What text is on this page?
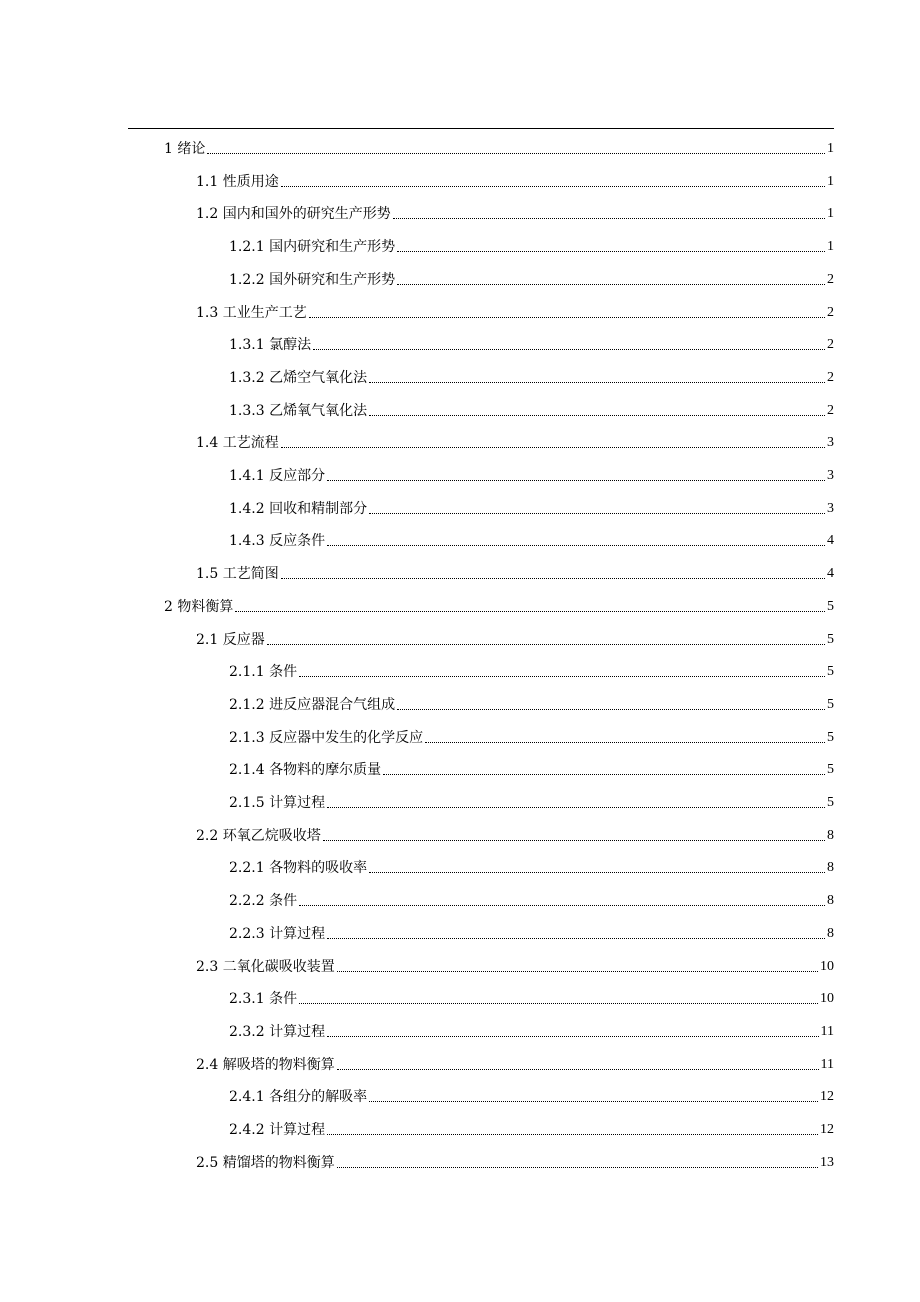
1 绪论	1
1.1 性质用途	1
1.2 国内和国外的研究生产形势	1
1.2.1 国内研究和生产形势	1
1.2.2 国外研究和生产形势	2
1.3 工业生产工艺	2
1.3.1 氯醇法	2
1.3.2 乙烯空气氧化法	2
1.3.3 乙烯氧气氧化法	2
1.4 工艺流程	3
1.4.1 反应部分	3
1.4.2 回收和精制部分	3
1.4.3 反应条件	4
1.5 工艺简图	4
2 物料衡算	5
2.1 反应器	5
2.1.1 条件	5
2.1.2 进反应器混合气组成	5
2.1.3 反应器中发生的化学反应	5
2.1.4 各物料的摩尔质量	5
2.1.5 计算过程	5
2.2 环氧乙烷吸收塔	8
2.2.1 各物料的吸收率	8
2.2.2 条件	8
2.2.3 计算过程	8
2.3 二氧化碳吸收装置	10
2.3.1 条件	10
2.3.2 计算过程	11
2.4 解吸塔的物料衡算	11
2.4.1 各组分的解吸率	12
2.4.2 计算过程	12
2.5 精馏塔的物料衡算	13
